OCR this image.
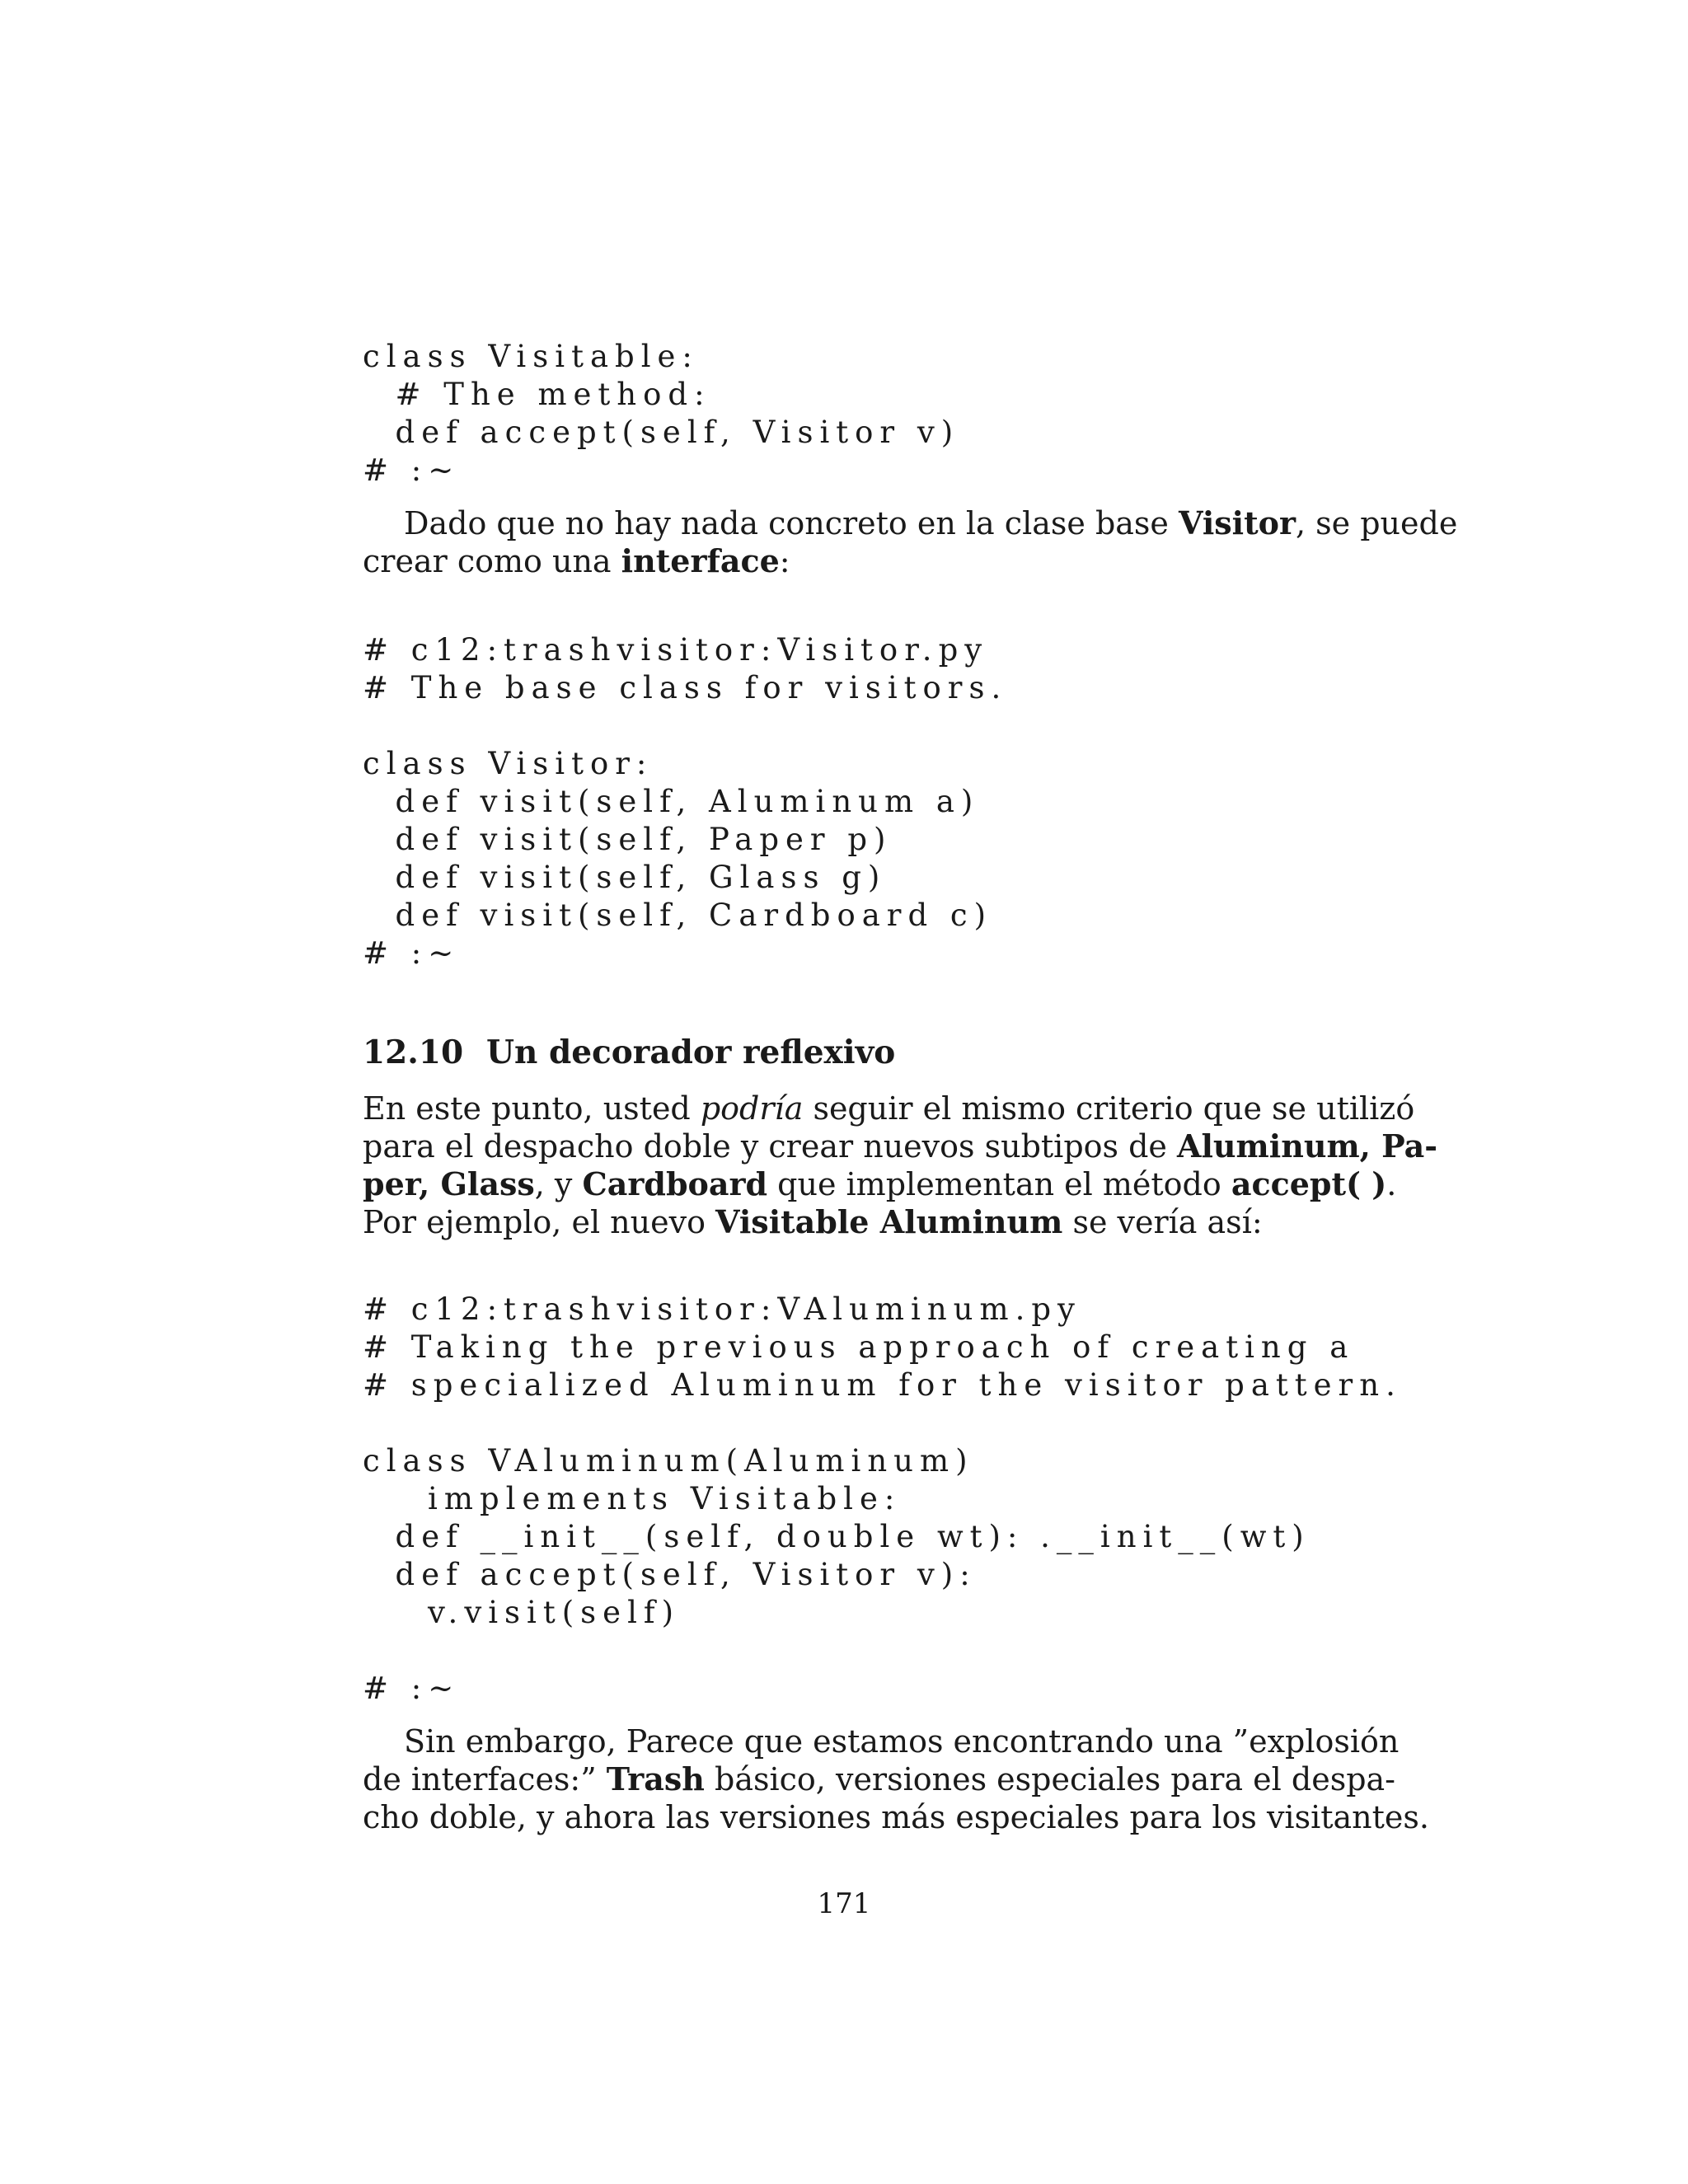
class Visitable:
# The method:
def accept(self, Visitor v)
# :~
Dado que no hay nada concreto en la clase base Visitor, se puede
crear como una interface:
# c12:trashvisitor:Visitor.py
# The base class for visitors.
class Visitor:
def visit(self, Aluminum a)
def visit(self, Paper p)
def visit(self, Glass g)
def visit(self, Cardboard c)
# :~
12.10 Un decorador reflexivo
En este punto, usted podría seguir el mismo criterio que se utilizó
para el despacho doble y crear nuevos subtipos de Aluminum, Pa-
per, Glass, y Cardboard que implementan el método accept( ).
Por ejemplo, el nuevo Visitable Aluminum se vería así:
# c12:trashvisitor:VAluminum.py
# Taking the previous approach of creating a
# specialized Aluminum for the visitor pattern.
class VAluminum(Aluminum)
implements Visitable:
def __init__(self, double wt): .__init__(wt)
def accept(self, Visitor v):
v.visit(self)
# :~
Sin embargo, Parece que estamos encontrando una ”explosión
de interfaces:” Trash básico, versiones especiales para el despa-
cho doble, y ahora las versiones más especiales para los visitantes.
171
